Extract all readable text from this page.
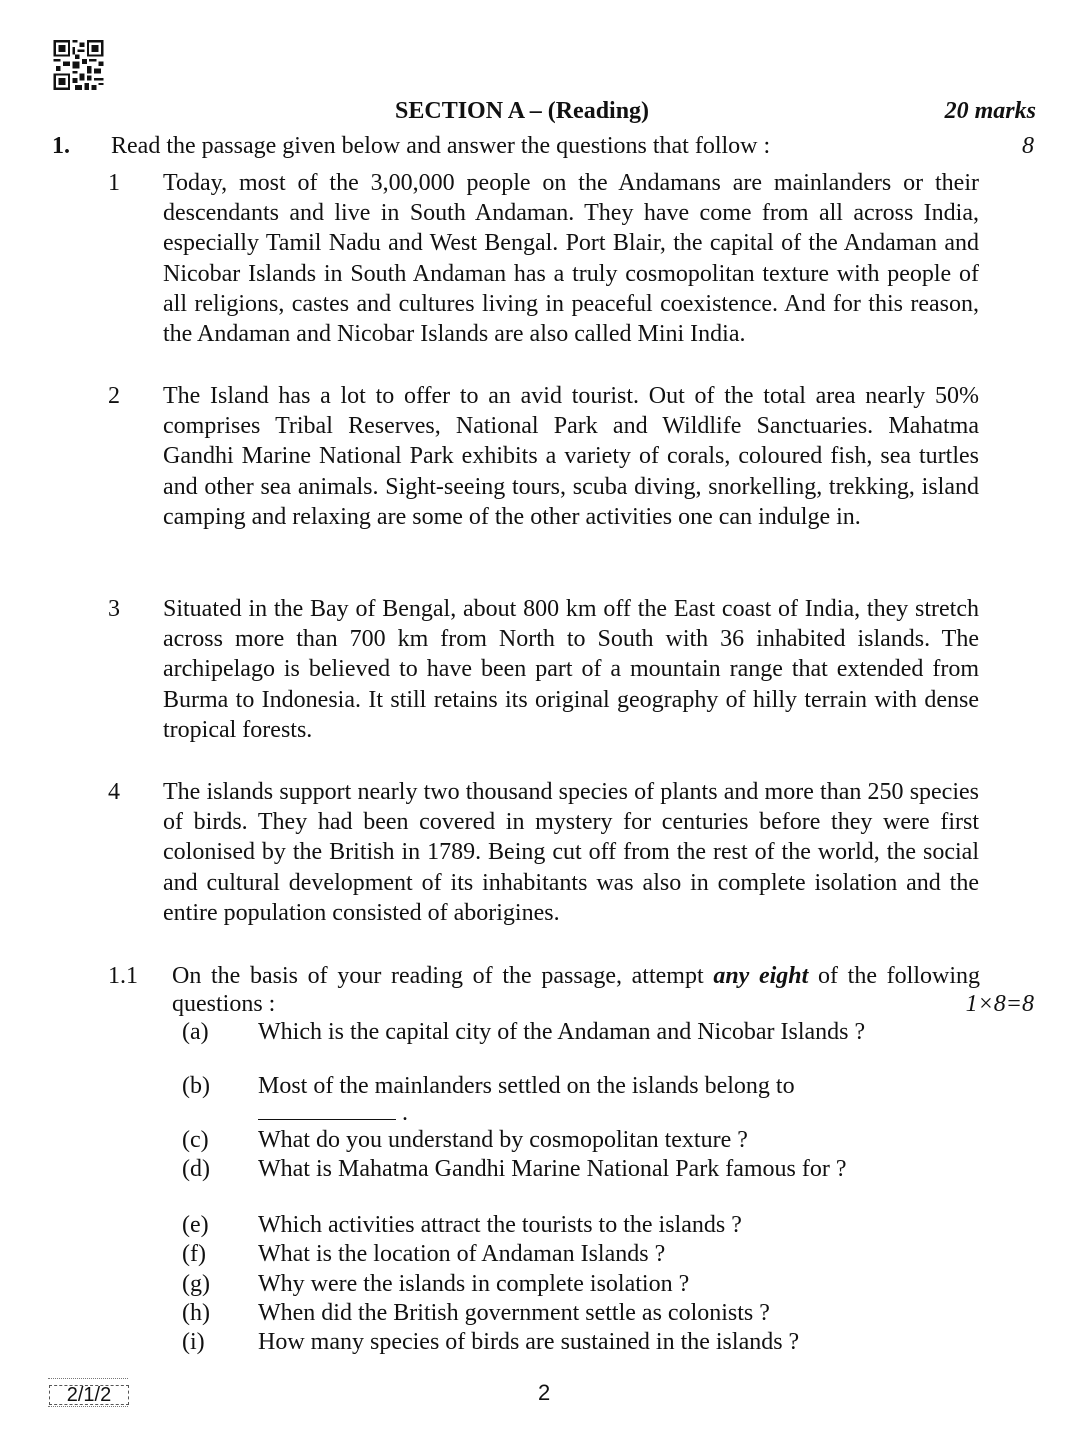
SECTION A – (Reading)	20 marks
1. Read the passage given below and answer the questions that follow :	8
1 Today, most of the 3,00,000 people on the Andamans are mainlanders or their descendants and live in South Andaman. They have come from all across India, especially Tamil Nadu and West Bengal. Port Blair, the capital of the Andaman and Nicobar Islands in South Andaman has a truly cosmopolitan texture with people of all religions, castes and cultures living in peaceful coexistence. And for this reason, the Andaman and Nicobar Islands are also called Mini India.
2 The Island has a lot to offer to an avid tourist. Out of the total area nearly 50% comprises Tribal Reserves, National Park and Wildlife Sanctuaries. Mahatma Gandhi Marine National Park exhibits a variety of corals, coloured fish, sea turtles and other sea animals. Sight-seeing tours, scuba diving, snorkelling, trekking, island camping and relaxing are some of the other activities one can indulge in.
3 Situated in the Bay of Bengal, about 800 km off the East coast of India, they stretch across more than 700 km from North to South with 36 inhabited islands. The archipelago is believed to have been part of a mountain range that extended from Burma to Indonesia. It still retains its original geography of hilly terrain with dense tropical forests.
4 The islands support nearly two thousand species of plants and more than 250 species of birds. They had been covered in mystery for centuries before they were first colonised by the British in 1789. Being cut off from the rest of the world, the social and cultural development of its inhabitants was also in complete isolation and the entire population consisted of aborigines.
1.1 On the basis of your reading of the passage, attempt any eight of the following questions :	1×8=8
(a) Which is the capital city of the Andaman and Nicobar Islands ?
(b) Most of the mainlanders settled on the islands belong to
.
(c) What do you understand by cosmopolitan texture ?
(d) What is Mahatma Gandhi Marine National Park famous for ?
(e) Which activities attract the tourists to the islands ?
(f) What is the location of Andaman Islands ?
(g) Why were the islands in complete isolation ?
(h) When did the British government settle as colonists ?
(i) How many species of birds are sustained in the islands ?
2/1/2	2
